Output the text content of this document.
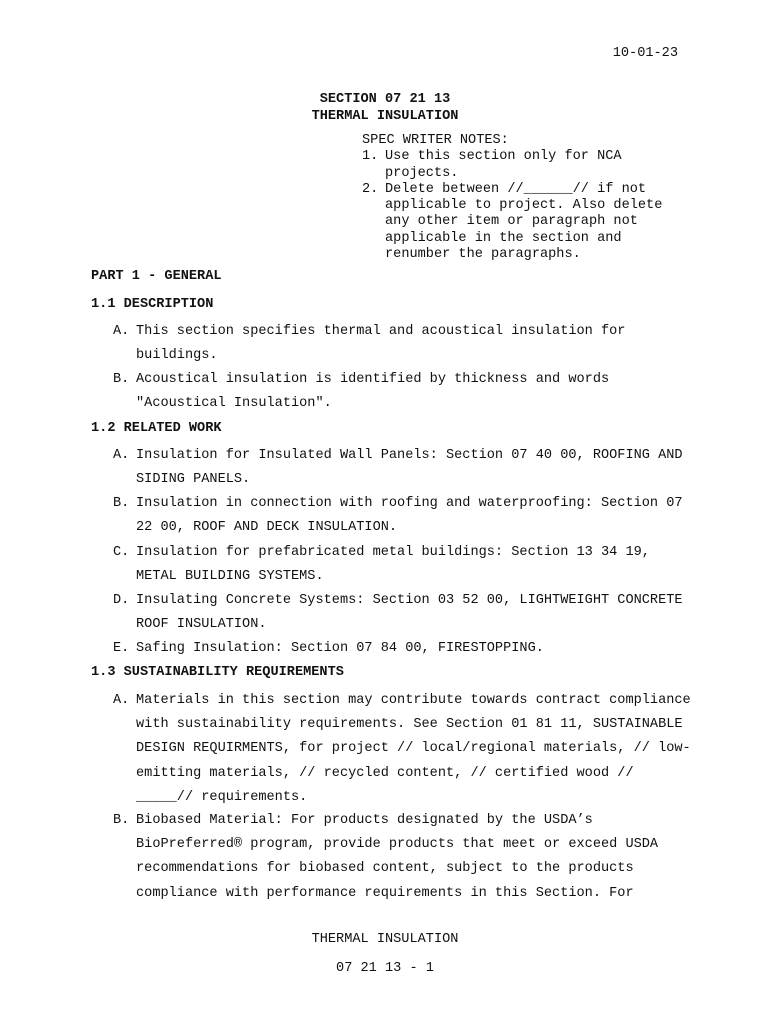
10-01-23
SECTION 07 21 13
THERMAL INSULATION
SPEC WRITER NOTES:
1. Use this section only for NCA projects.
2. Delete between //______// if not applicable to project. Also delete any other item or paragraph not applicable in the section and renumber the paragraphs.
PART 1 - GENERAL
1.1 DESCRIPTION
A. This section specifies thermal and acoustical insulation for buildings.
B. Acoustical insulation is identified by thickness and words "Acoustical Insulation".
1.2 RELATED WORK
A. Insulation for Insulated Wall Panels: Section 07 40 00, ROOFING AND SIDING PANELS.
B. Insulation in connection with roofing and waterproofing: Section 07 22 00, ROOF AND DECK INSULATION.
C. Insulation for prefabricated metal buildings: Section 13 34 19, METAL BUILDING SYSTEMS.
D. Insulating Concrete Systems: Section 03 52 00, LIGHTWEIGHT CONCRETE ROOF INSULATION.
E. Safing Insulation: Section 07 84 00, FIRESTOPPING.
1.3 SUSTAINABILITY REQUIREMENTS
A. Materials in this section may contribute towards contract compliance with sustainability requirements. See Section 01 81 11, SUSTAINABLE DESIGN REQUIRMENTS, for project // local/regional materials, // low-emitting materials, // recycled content, // certified wood // _____// requirements.
B. Biobased Material: For products designated by the USDA’s BioPreferred® program, provide products that meet or exceed USDA recommendations for biobased content, subject to the products compliance with performance requirements in this Section. For
THERMAL INSULATION
07 21 13 - 1
